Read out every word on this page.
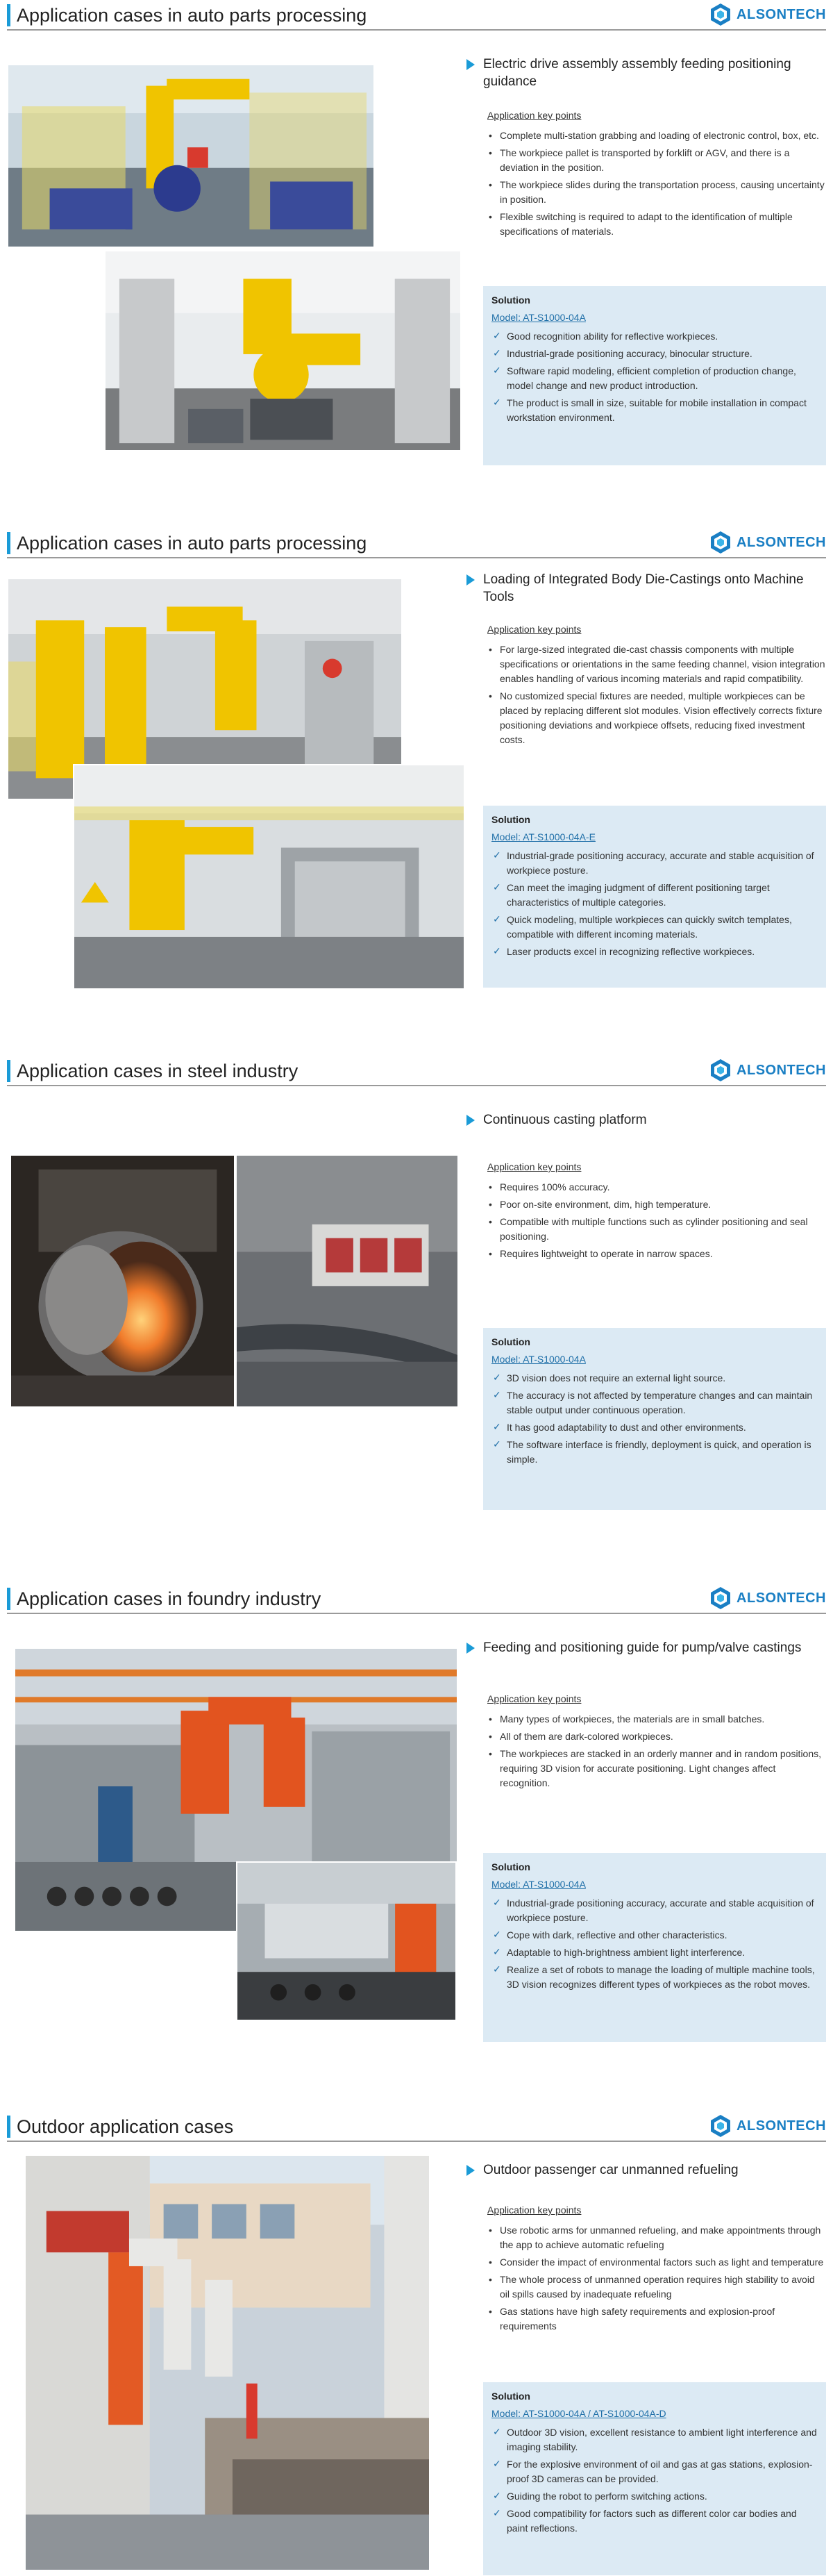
Application cases in auto parts processing	ALSONTECH
Electric drive assembly assembly feeding positioning guidance
Application key points
• Complete multi-station grabbing and loading of electronic control, box, etc.
• The workpiece pallet is transported by forklift or AGV, and there is a deviation in the position.
• The workpiece slides during the transportation process, causing uncertainty in position.
• Flexible switching is required to adapt to the identification of multiple specifications of materials.
Solution
Model: AT-S1000-04A
✓ Good recognition ability for reflective workpieces.
✓ Industrial-grade positioning accuracy, binocular structure.
✓ Software rapid modeling, efficient completion of production change, model change and new product introduction.
✓ The product is small in size, suitable for mobile installation in compact workstation environment.
Application cases in auto parts processing	ALSONTECH
Loading of Integrated Body Die-Castings onto Machine Tools
Application key points
• For large-sized integrated die-cast chassis components with multiple specifications or orientations in the same feeding channel, vision integration enables handling of various incoming materials and rapid compatibility.
• No customized special fixtures are needed, multiple workpieces can be placed by replacing different slot modules. Vision effectively corrects fixture positioning deviations and workpiece offsets, reducing fixed investment costs.
Solution
Model: AT-S1000-04A-E
✓ Industrial-grade positioning accuracy, accurate and stable acquisition of workpiece posture.
✓ Can meet the imaging judgment of different positioning target characteristics of multiple categories.
✓ Quick modeling, multiple workpieces can quickly switch templates, compatible with different incoming materials.
✓ Laser products excel in recognizing reflective workpieces.
Application cases in steel industry	ALSONTECH
Continuous casting platform
Application key points
• Requires 100% accuracy.
• Poor on-site environment, dim, high temperature.
• Compatible with multiple functions such as cylinder positioning and seal positioning.
• Requires lightweight to operate in narrow spaces.
Solution
Model: AT-S1000-04A
✓ 3D vision does not require an external light source.
✓ The accuracy is not affected by temperature changes and can maintain stable output under continuous operation.
✓ It has good adaptability to dust and other environments.
✓ The software interface is friendly, deployment is quick, and operation is simple.
Application cases in foundry industry	ALSONTECH
Feeding and positioning guide for pump/valve castings
Application key points
• Many types of workpieces, the materials are in small batches.
• All of them are dark-colored workpieces.
• The workpieces are stacked in an orderly manner and in random positions, requiring 3D vision for accurate positioning. Light changes affect recognition.
Solution
Model: AT-S1000-04A
✓ Industrial-grade positioning accuracy, accurate and stable acquisition of workpiece posture.
✓ Cope with dark, reflective and other characteristics.
✓ Adaptable to high-brightness ambient light interference.
✓ Realize a set of robots to manage the loading of multiple machine tools, 3D vision recognizes different types of workpieces as the robot moves.
Outdoor application cases	ALSONTECH
Outdoor passenger car unmanned refueling
Application key points
• Use robotic arms for unmanned refueling, and make appointments through the app to achieve automatic refueling
• Consider the impact of environmental factors such as light and temperature
• The whole process of unmanned operation requires high stability to avoid oil spills caused by inadequate refueling
• Gas stations have high safety requirements and explosion-proof requirements
Solution
Model: AT-S1000-04A / AT-S1000-04A-D
✓ Outdoor 3D vision, excellent resistance to ambient light interference and imaging stability.
✓ For the explosive environment of oil and gas at gas stations, explosion-proof 3D cameras can be provided.
✓ Guiding the robot to perform switching actions.
✓ Good compatibility for factors such as different color car bodies and paint reflections.
